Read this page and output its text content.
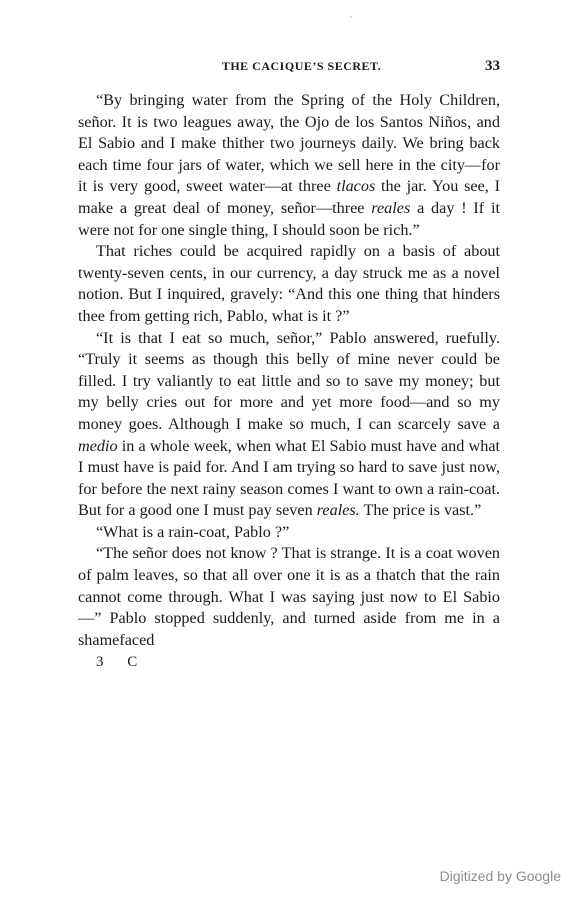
THE CACIQUE’S SECRET.	33

“By bringing water from the Spring of the Holy Children, señor. It is two leagues away, the Ojo de los Santos Niños, and El Sabio and I make thither two journeys daily. We bring back each time four jars of water, which we sell here in the city—for it is very good, sweet water—at three tlacos the jar. You see, I make a great deal of money, señor—three reales a day ! If it were not for one single thing, I should soon be rich.”

That riches could be acquired rapidly on a basis of about twenty-seven cents, in our currency, a day struck me as a novel notion. But I inquired, gravely: “And this one thing that hinders thee from getting rich, Pablo, what is it ?”

“It is that I eat so much, señor,” Pablo answered, ruefully. “Truly it seems as though this belly of mine never could be filled. I try valiantly to eat little and so to save my money; but my belly cries out for more and yet more food—and so my money goes. Although I make so much, I can scarcely save a medio in a whole week, when what El Sabio must have and what I must have is paid for. And I am trying so hard to save just now, for before the next rainy season comes I want to own a rain-coat. But for a good one I must pay seven reales. The price is vast.”

“What is a rain-coat, Pablo ?”

“The señor does not know ? That is strange. It is a coat woven of palm leaves, so that all over one it is as a thatch that the rain cannot come through. What I was saying just now to El Sabio—” Pablo stopped suddenly, and turned aside from me in a shamefaced

3 C
Digitized by Google
